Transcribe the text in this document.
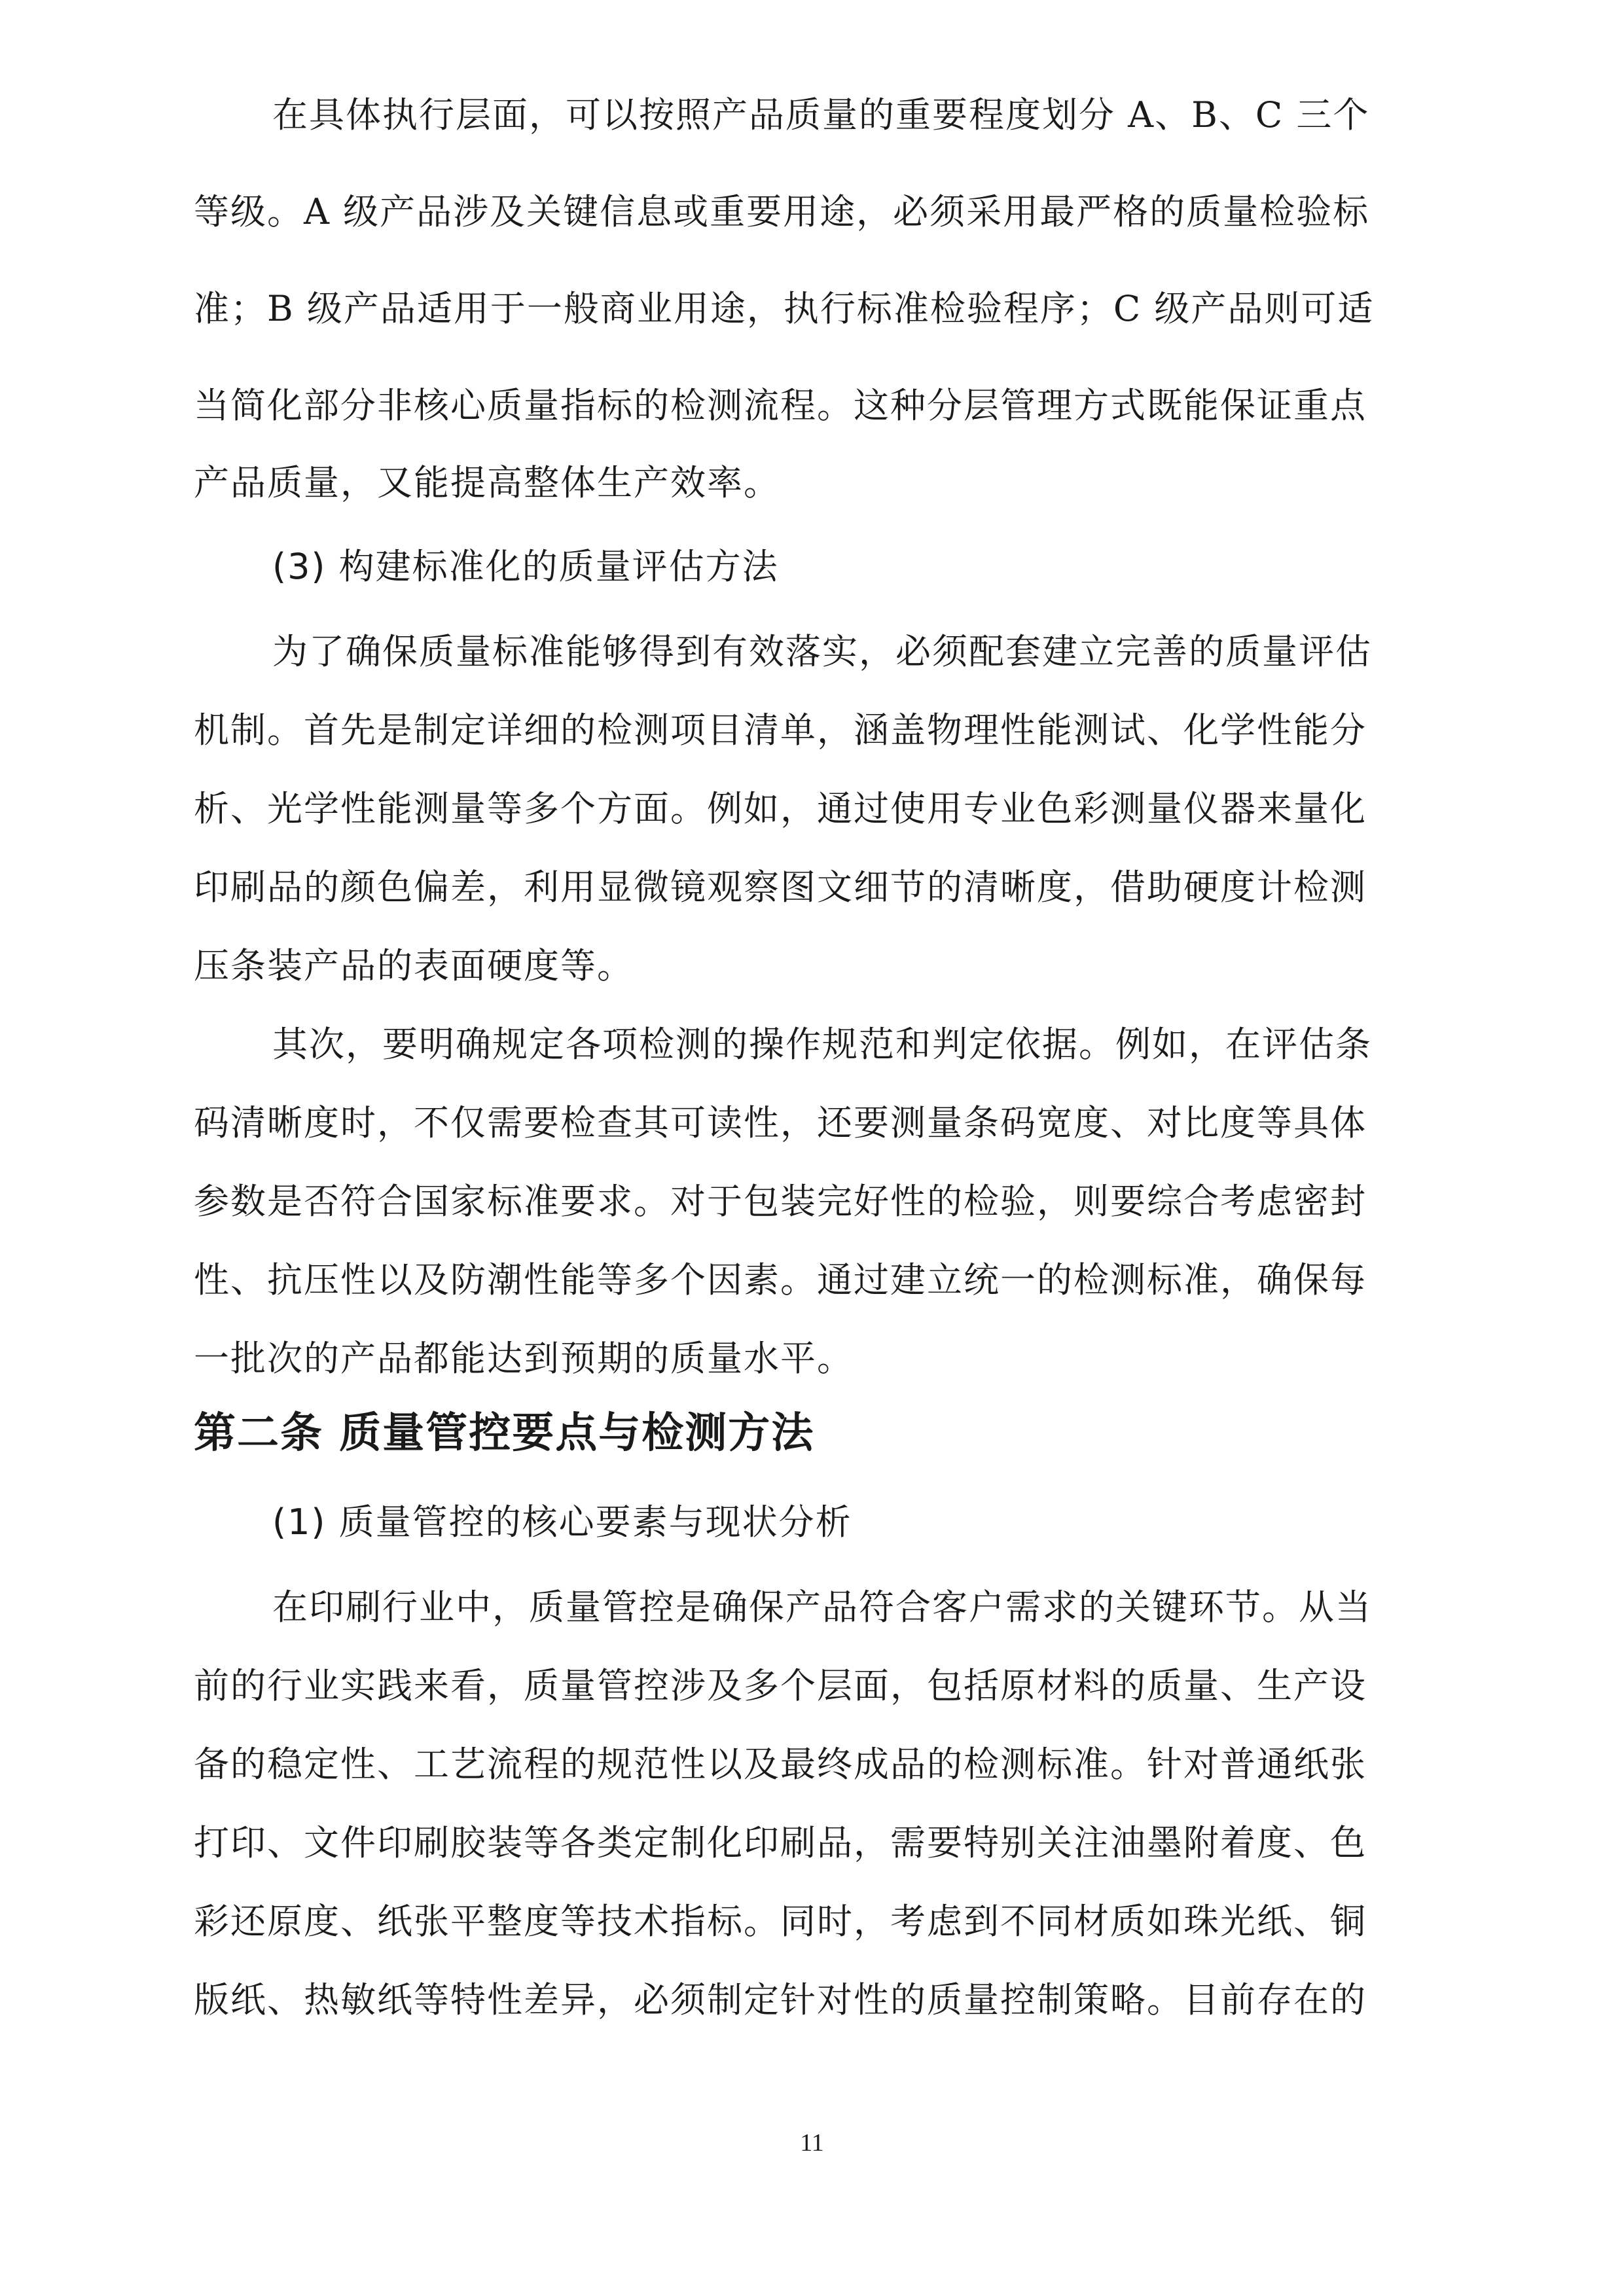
在具体执行层面，可以按照产品质量的重要程度划分 A、B、C 三个
等级。A 级产品涉及关键信息或重要用途，必须采用最严格的质量检验标
准；B 级产品适用于一般商业用途，执行标准检验程序；C 级产品则可适
当简化部分非核心质量指标的检测流程。这种分层管理方式既能保证重点
产品质量，又能提高整体生产效率。
(3) 构建标准化的质量评估方法
为了确保质量标准能够得到有效落实，必须配套建立完善的质量评估
机制。首先是制定详细的检测项目清单，涵盖物理性能测试、化学性能分
析、光学性能测量等多个方面。例如，通过使用专业色彩测量仪器来量化
印刷品的颜色偏差，利用显微镜观察图文细节的清晰度，借助硬度计检测
压条装产品的表面硬度等。
其次，要明确规定各项检测的操作规范和判定依据。例如，在评估条
码清晰度时，不仅需要检查其可读性，还要测量条码宽度、对比度等具体
参数是否符合国家标准要求。对于包装完好性的检验，则要综合考虑密封
性、抗压性以及防潮性能等多个因素。通过建立统一的检测标准，确保每
一批次的产品都能达到预期的质量水平。
第二条 质量管控要点与检测方法
(1) 质量管控的核心要素与现状分析
在印刷行业中，质量管控是确保产品符合客户需求的关键环节。从当
前的行业实践来看，质量管控涉及多个层面，包括原材料的质量、生产设
备的稳定性、工艺流程的规范性以及最终成品的检测标准。针对普通纸张
打印、文件印刷胶装等各类定制化印刷品，需要特别关注油墨附着度、色
彩还原度、纸张平整度等技术指标。同时，考虑到不同材质如珠光纸、铜
版纸、热敏纸等特性差异，必须制定针对性的质量控制策略。目前存在的
11
